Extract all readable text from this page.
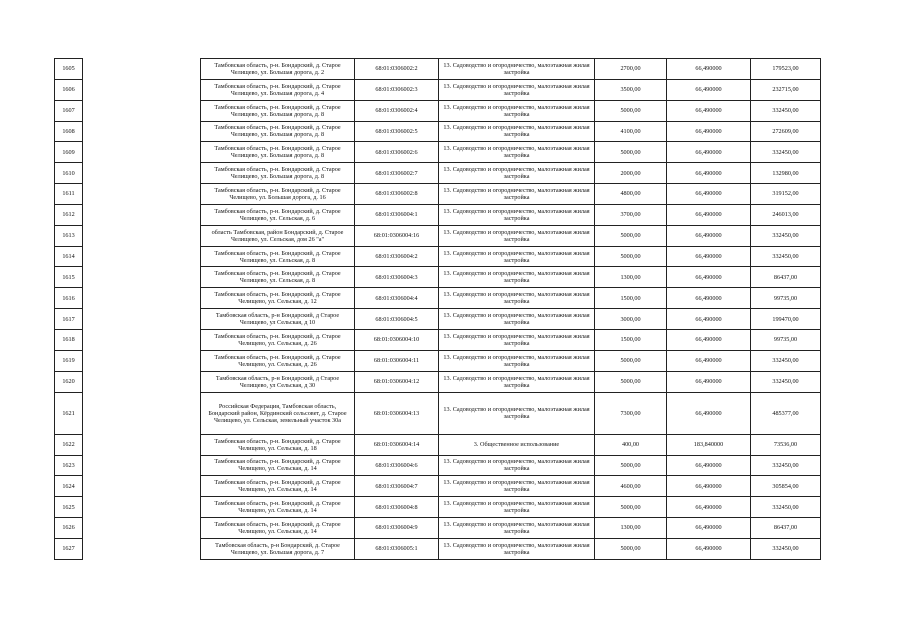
1605		Тамбовская область, р-н. Бондарский, д. Старое Челищево, ул. Большая дорога, д. 2	68:01:0306002:2	13. Садоводство и огородничество, малоэтажная жилая застройка	2700,00	66,490000	179523,00
1606		Тамбовская область, р-н. Бондарский, д. Старое Челищево, ул. Большая дорога, д. 4	68:01:0306002:3	13. Садоводство и огородничество, малоэтажная жилая застройка	3500,00	66,490000	232715,00
1607		Тамбовская область, р-н. Бондарский, д. Старое Челищево, ул. Большая дорога, д. 8	68:01:0306002:4	13. Садоводство и огородничество, малоэтажная жилая застройка	5000,00	66,490000	332450,00
1608		Тамбовская область, р-н. Бондарский, д. Старое Челищево, ул. Большая дорога, д. 8	68:01:0306002:5	13. Садоводство и огородничество, малоэтажная жилая застройка	4100,00	66,490000	272609,00
1609		Тамбовская область, р-н. Бондарский, д. Старое Челищево, ул. Большая дорога, д. 8	68:01:0306002:6	13. Садоводство и огородничество, малоэтажная жилая застройка	5000,00	66,490000	332450,00
1610		Тамбовская область, р-н. Бондарский, д. Старое Челищево, ул. Большая дорога, д. 8	68:01:0306002:7	13. Садоводство и огородничество, малоэтажная жилая застройка	2000,00	66,490000	132980,00
1611		Тамбовская область, р-н. Бондарский, д. Старое Челищево, ул. Большая дорога, д. 16	68:01:0306002:8	13. Садоводство и огородничество, малоэтажная жилая застройка	4800,00	66,490000	319152,00
1612		Тамбовская область, р-н. Бондарский, д. Старое Челищево, ул. Сельская, д. 6	68:01:0306004:1	13. Садоводство и огородничество, малоэтажная жилая застройка	3700,00	66,490000	246013,00
1613		область Тамбовская, район Бондарский, д. Старое Челищево, ул. Сельская, дом 26 "а"	68:01:0306004:16	13. Садоводство и огородничество, малоэтажная жилая застройка	5000,00	66,490000	332450,00
1614		Тамбовская область, р-н. Бондарский, д. Старое Челищево, ул. Сельская, д. 8	68:01:0306004:2	13. Садоводство и огородничество, малоэтажная жилая застройка	5000,00	66,490000	332450,00
1615		Тамбовская область, р-н. Бондарский, д. Старое Челищево, ул. Сельская, д. 8	68:01:0306004:3	13. Садоводство и огородничество, малоэтажная жилая застройка	1300,00	66,490000	86437,00
1616		Тамбовская область, р-н. Бондарский, д. Старое Челищево, ул. Сельская, д. 12	68:01:0306004:4	13. Садоводство и огородничество, малоэтажная жилая застройка	1500,00	66,490000	99735,00
1617		Тамбовская область, р-н Бондарский, д Старое Челищево, ул Сельская, д 10	68:01:0306004:5	13. Садоводство и огородничество, малоэтажная жилая застройка	3000,00	66,490000	199470,00
1618		Тамбовская область, р-н. Бондарский, д. Старое Челищево, ул. Сельская, д. 26	68:01:0306004:10	13. Садоводство и огородничество, малоэтажная жилая застройка	1500,00	66,490000	99735,00
1619		Тамбовская область, р-н. Бондарский, д. Старое Челищево, ул. Сельская, д. 26	68:01:0306004:11	13. Садоводство и огородничество, малоэтажная жилая застройка	5000,00	66,490000	332450,00
1620		Тамбовская область, р-н Бондарский, д Старое Челищево, ул Сельская, д 30	68:01:0306004:12	13. Садоводство и огородничество, малоэтажная жилая застройка	5000,00	66,490000	332450,00
1621		Российская Федерация, Тамбовская область, Бондарский район, Кёрдинский сельсовет, д. Старое Челищево, ул. Сельская, земельный участок 30а	68:01:0306004:13	13. Садоводство и огородничество, малоэтажная жилая застройка	7300,00	66,490000	485377,00
1622		Тамбовская область, р-н. Бондарский, д. Старое Челищево, ул. Сельская, д. 18	68:01:0306004:14	3. Общественное использование	400,00	183,840000	73536,00
1623		Тамбовская область, р-н. Бондарский, д. Старое Челищево, ул. Сельская, д. 14	68:01:0306004:6	13. Садоводство и огородничество, малоэтажная жилая застройка	5000,00	66,490000	332450,00
1624		Тамбовская область, р-н. Бондарский, д. Старое Челищево, ул. Сельская, д. 14	68:01:0306004:7	13. Садоводство и огородничество, малоэтажная жилая застройка	4600,00	66,490000	305854,00
1625		Тамбовская область, р-н. Бондарский, д. Старое Челищево, ул. Сельская, д. 14	68:01:0306004:8	13. Садоводство и огородничество, малоэтажная жилая застройка	5000,00	66,490000	332450,00
1626		Тамбовская область, р-н. Бондарский, д. Старое Челищево, ул. Сельская, д. 14	68:01:0306004:9	13. Садоводство и огородничество, малоэтажная жилая застройка	1300,00	66,490000	86437,00
1627		Тамбовская область, р-н Бондарский, д. Старое Челищево, ул. Большая дорога, д. 7	68:01:0306005:1	13. Садоводство и огородничество, малоэтажная жилая застройка	5000,00	66,490000	332450,00
